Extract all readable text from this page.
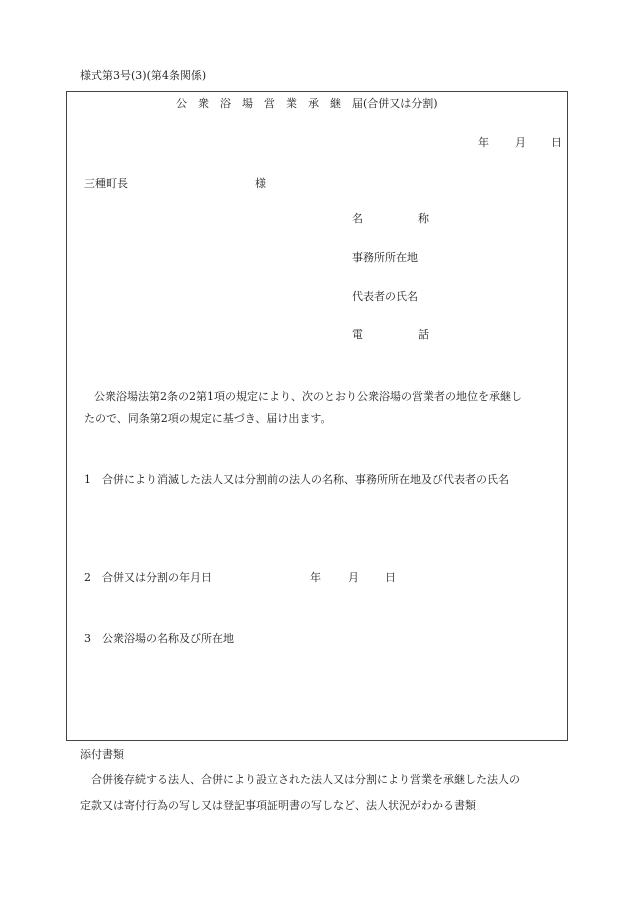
様式第3号(3)(第4条関係)
公　衆　浴　場　営　業　承　継　届(合併又は分割)
年 月 日
三種町長	様
名　　　　　称
事務所所在地
代表者の氏名
電　　　　　話
公衆浴場法第2条の2第1項の規定により、次のとおり公衆浴場の営業者の地位を承継し
たので、同条第2項の規定に基づき、届け出ます。
1　合併により消滅した法人又は分割前の法人の名称、事務所所在地及び代表者の氏名
2　合併又は分割の年月日	年 月 日
3　公衆浴場の名称及び所在地
添付書類
合併後存続する法人、合併により設立された法人又は分割により営業を承継した法人の
定款又は寄付行為の写し又は登記事項証明書の写しなど、法人状況がわかる書類
